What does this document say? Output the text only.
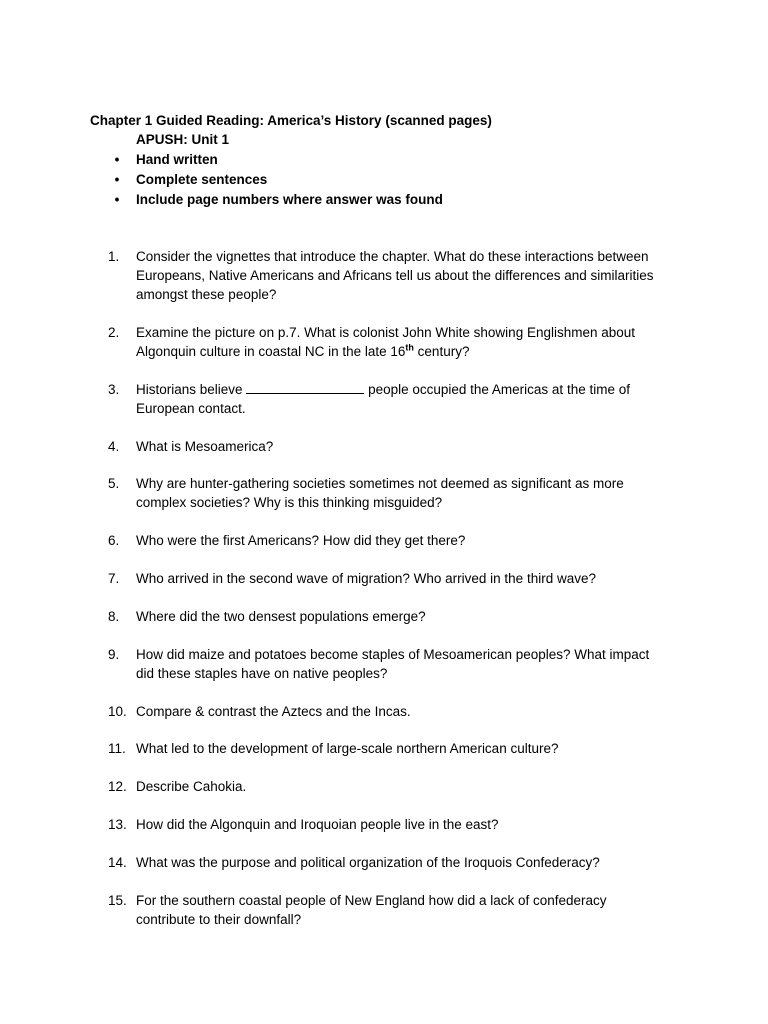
Chapter 1 Guided Reading: America’s History (scanned pages)
APUSH: Unit 1
• Hand written
• Complete sentences
• Include page numbers where answer was found
1.	Consider the vignettes that introduce the chapter. What do these interactions between
Europeans, Native Americans and Africans tell us about the differences and similarities
amongst these people?
2.	Examine the picture on p.7. What is colonist John White showing Englishmen about
Algonquin culture in coastal NC in the late 16th century?
3.	Historians believe	people occupied the Americas at the time of
European contact.
4.	What is Mesoamerica?
5.	Why are hunter-gathering societies sometimes not deemed as significant as more
complex societies? Why is this thinking misguided?
6.	Who were the first Americans? How did they get there?
7.	Who arrived in the second wave of migration? Who arrived in the third wave?
8.	Where did the two densest populations emerge?
9.	How did maize and potatoes become staples of Mesoamerican peoples? What impact
did these staples have on native peoples?
10. Compare & contrast the Aztecs and the Incas.
11. What led to the development of large-scale northern American culture?
12. Describe Cahokia.
13. How did the Algonquin and Iroquoian people live in the east?
14. What was the purpose and political organization of the Iroquois Confederacy?
15. For the southern coastal people of New England how did a lack of confederacy
contribute to their downfall?
